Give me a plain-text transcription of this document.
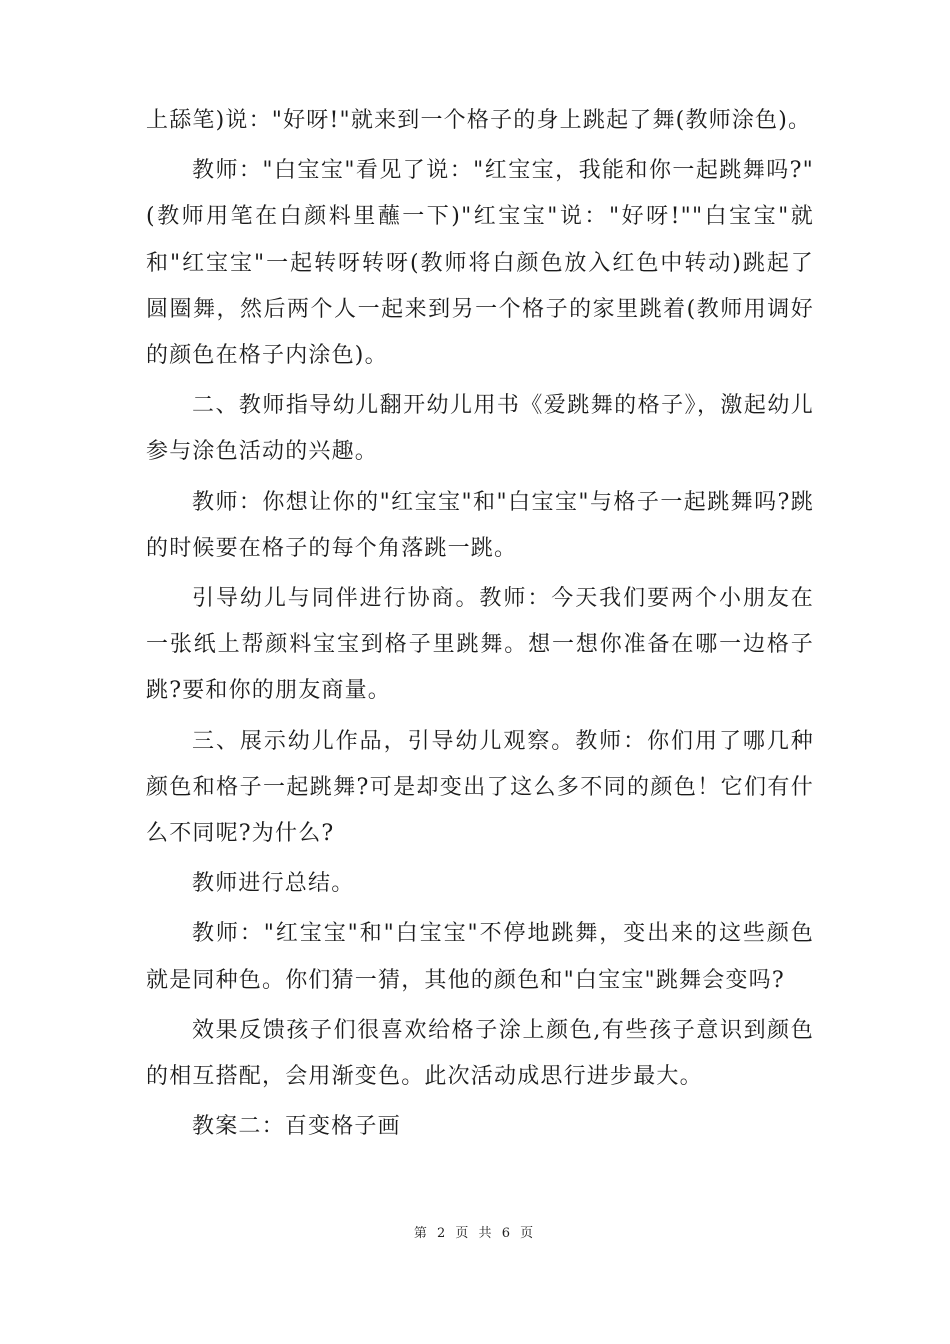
上舔笔)说："好呀!"就来到一个格子的身上跳起了舞(教师涂色)。

教师："白宝宝"看见了说："红宝宝，我能和你一起跳舞吗?"(教师用笔在白颜料里蘸一下)"红宝宝"说："好呀!""白宝宝"就和"红宝宝"一起转呀转呀(教师将白颜色放入红色中转动)跳起了圆圈舞，然后两个人一起来到另一个格子的家里跳着(教师用调好的颜色在格子内涂色)。

二、教师指导幼儿翻开幼儿用书《爱跳舞的格子》，激起幼儿参与涂色活动的兴趣。

教师：你想让你的"红宝宝"和"白宝宝"与格子一起跳舞吗?跳的时候要在格子的每个角落跳一跳。

引导幼儿与同伴进行协商。教师：今天我们要两个小朋友在一张纸上帮颜料宝宝到格子里跳舞。想一想你准备在哪一边格子跳?要和你的朋友商量。

三、展示幼儿作品，引导幼儿观察。教师：你们用了哪几种颜色和格子一起跳舞?可是却变出了这么多不同的颜色！它们有什么不同呢?为什么?

教师进行总结。

教师："红宝宝"和"白宝宝"不停地跳舞，变出来的这些颜色就是同种色。你们猜一猜，其他的颜色和"白宝宝"跳舞会变吗?

效果反馈孩子们很喜欢给格子涂上颜色,有些孩子意识到颜色的相互搭配，会用渐变色。此次活动成思行进步最大。

教案二：百变格子画

第 2 页 共 6 页
